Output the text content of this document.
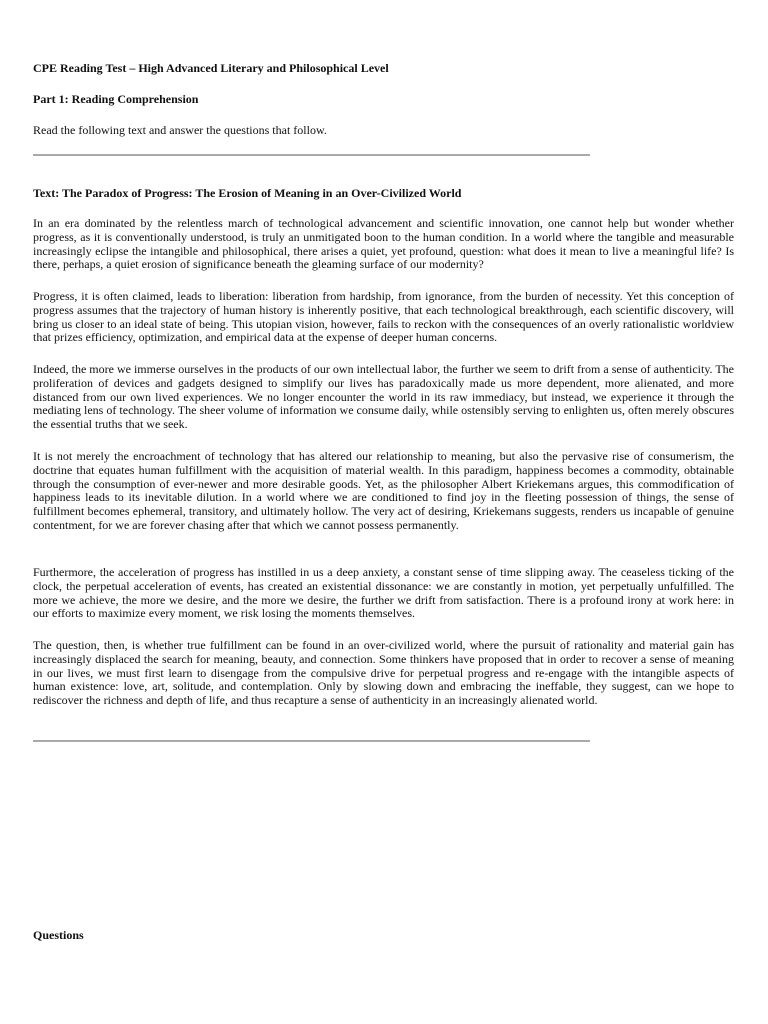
CPE Reading Test – High Advanced Literary and Philosophical Level
Part 1: Reading Comprehension
Read the following text and answer the questions that follow.
Text: The Paradox of Progress: The Erosion of Meaning in an Over-Civilized World

In an era dominated by the relentless march of technological advancement and scientific innovation, one cannot help but wonder whether progress, as it is conventionally understood, is truly an unmitigated boon to the human condition. In a world where the tangible and measurable increasingly eclipse the intangible and philosophical, there arises a quiet, yet profound, question: what does it mean to live a meaningful life? Is there, perhaps, a quiet erosion of significance beneath the gleaming surface of our modernity?

Progress, it is often claimed, leads to liberation: liberation from hardship, from ignorance, from the burden of necessity. Yet this conception of progress assumes that the trajectory of human history is inherently positive, that each technological breakthrough, each scientific discovery, will bring us closer to an ideal state of being. This utopian vision, however, fails to reckon with the consequences of an overly rationalistic worldview that prizes efficiency, optimization, and empirical data at the expense of deeper human concerns.

Indeed, the more we immerse ourselves in the products of our own intellectual labor, the further we seem to drift from a sense of authenticity. The proliferation of devices and gadgets designed to simplify our lives has paradoxically made us more dependent, more alienated, and more distanced from our own lived experiences. We no longer encounter the world in its raw immediacy, but instead, we experience it through the mediating lens of technology. The sheer volume of information we consume daily, while ostensibly serving to enlighten us, often merely obscures the essential truths that we seek.

It is not merely the encroachment of technology that has altered our relationship to meaning, but also the pervasive rise of consumerism, the doctrine that equates human fulfillment with the acquisition of material wealth. In this paradigm, happiness becomes a commodity, obtainable through the consumption of ever-newer and more desirable goods. Yet, as the philosopher Albert Kriekemans argues, this commodification of happiness leads to its inevitable dilution. In a world where we are conditioned to find joy in the fleeting possession of things, the sense of fulfillment becomes ephemeral, transitory, and ultimately hollow. The very act of desiring, Kriekemans suggests, renders us incapable of genuine contentment, for we are forever chasing after that which we cannot possess permanently.

Furthermore, the acceleration of progress has instilled in us a deep anxiety, a constant sense of time slipping away. The ceaseless ticking of the clock, the perpetual acceleration of events, has created an existential dissonance: we are constantly in motion, yet perpetually unfulfilled. The more we achieve, the more we desire, and the more we desire, the further we drift from satisfaction. There is a profound irony at work here: in our efforts to maximize every moment, we risk losing the moments themselves.

The question, then, is whether true fulfillment can be found in an over-civilized world, where the pursuit of rationality and material gain has increasingly displaced the search for meaning, beauty, and connection. Some thinkers have proposed that in order to recover a sense of meaning in our lives, we must first learn to disengage from the compulsive drive for perpetual progress and re-engage with the intangible aspects of human existence: love, art, solitude, and contemplation. Only by slowing down and embracing the ineffable, they suggest, can we hope to rediscover the richness and depth of life, and thus recapture a sense of authenticity in an increasingly alienated world.

Questions
